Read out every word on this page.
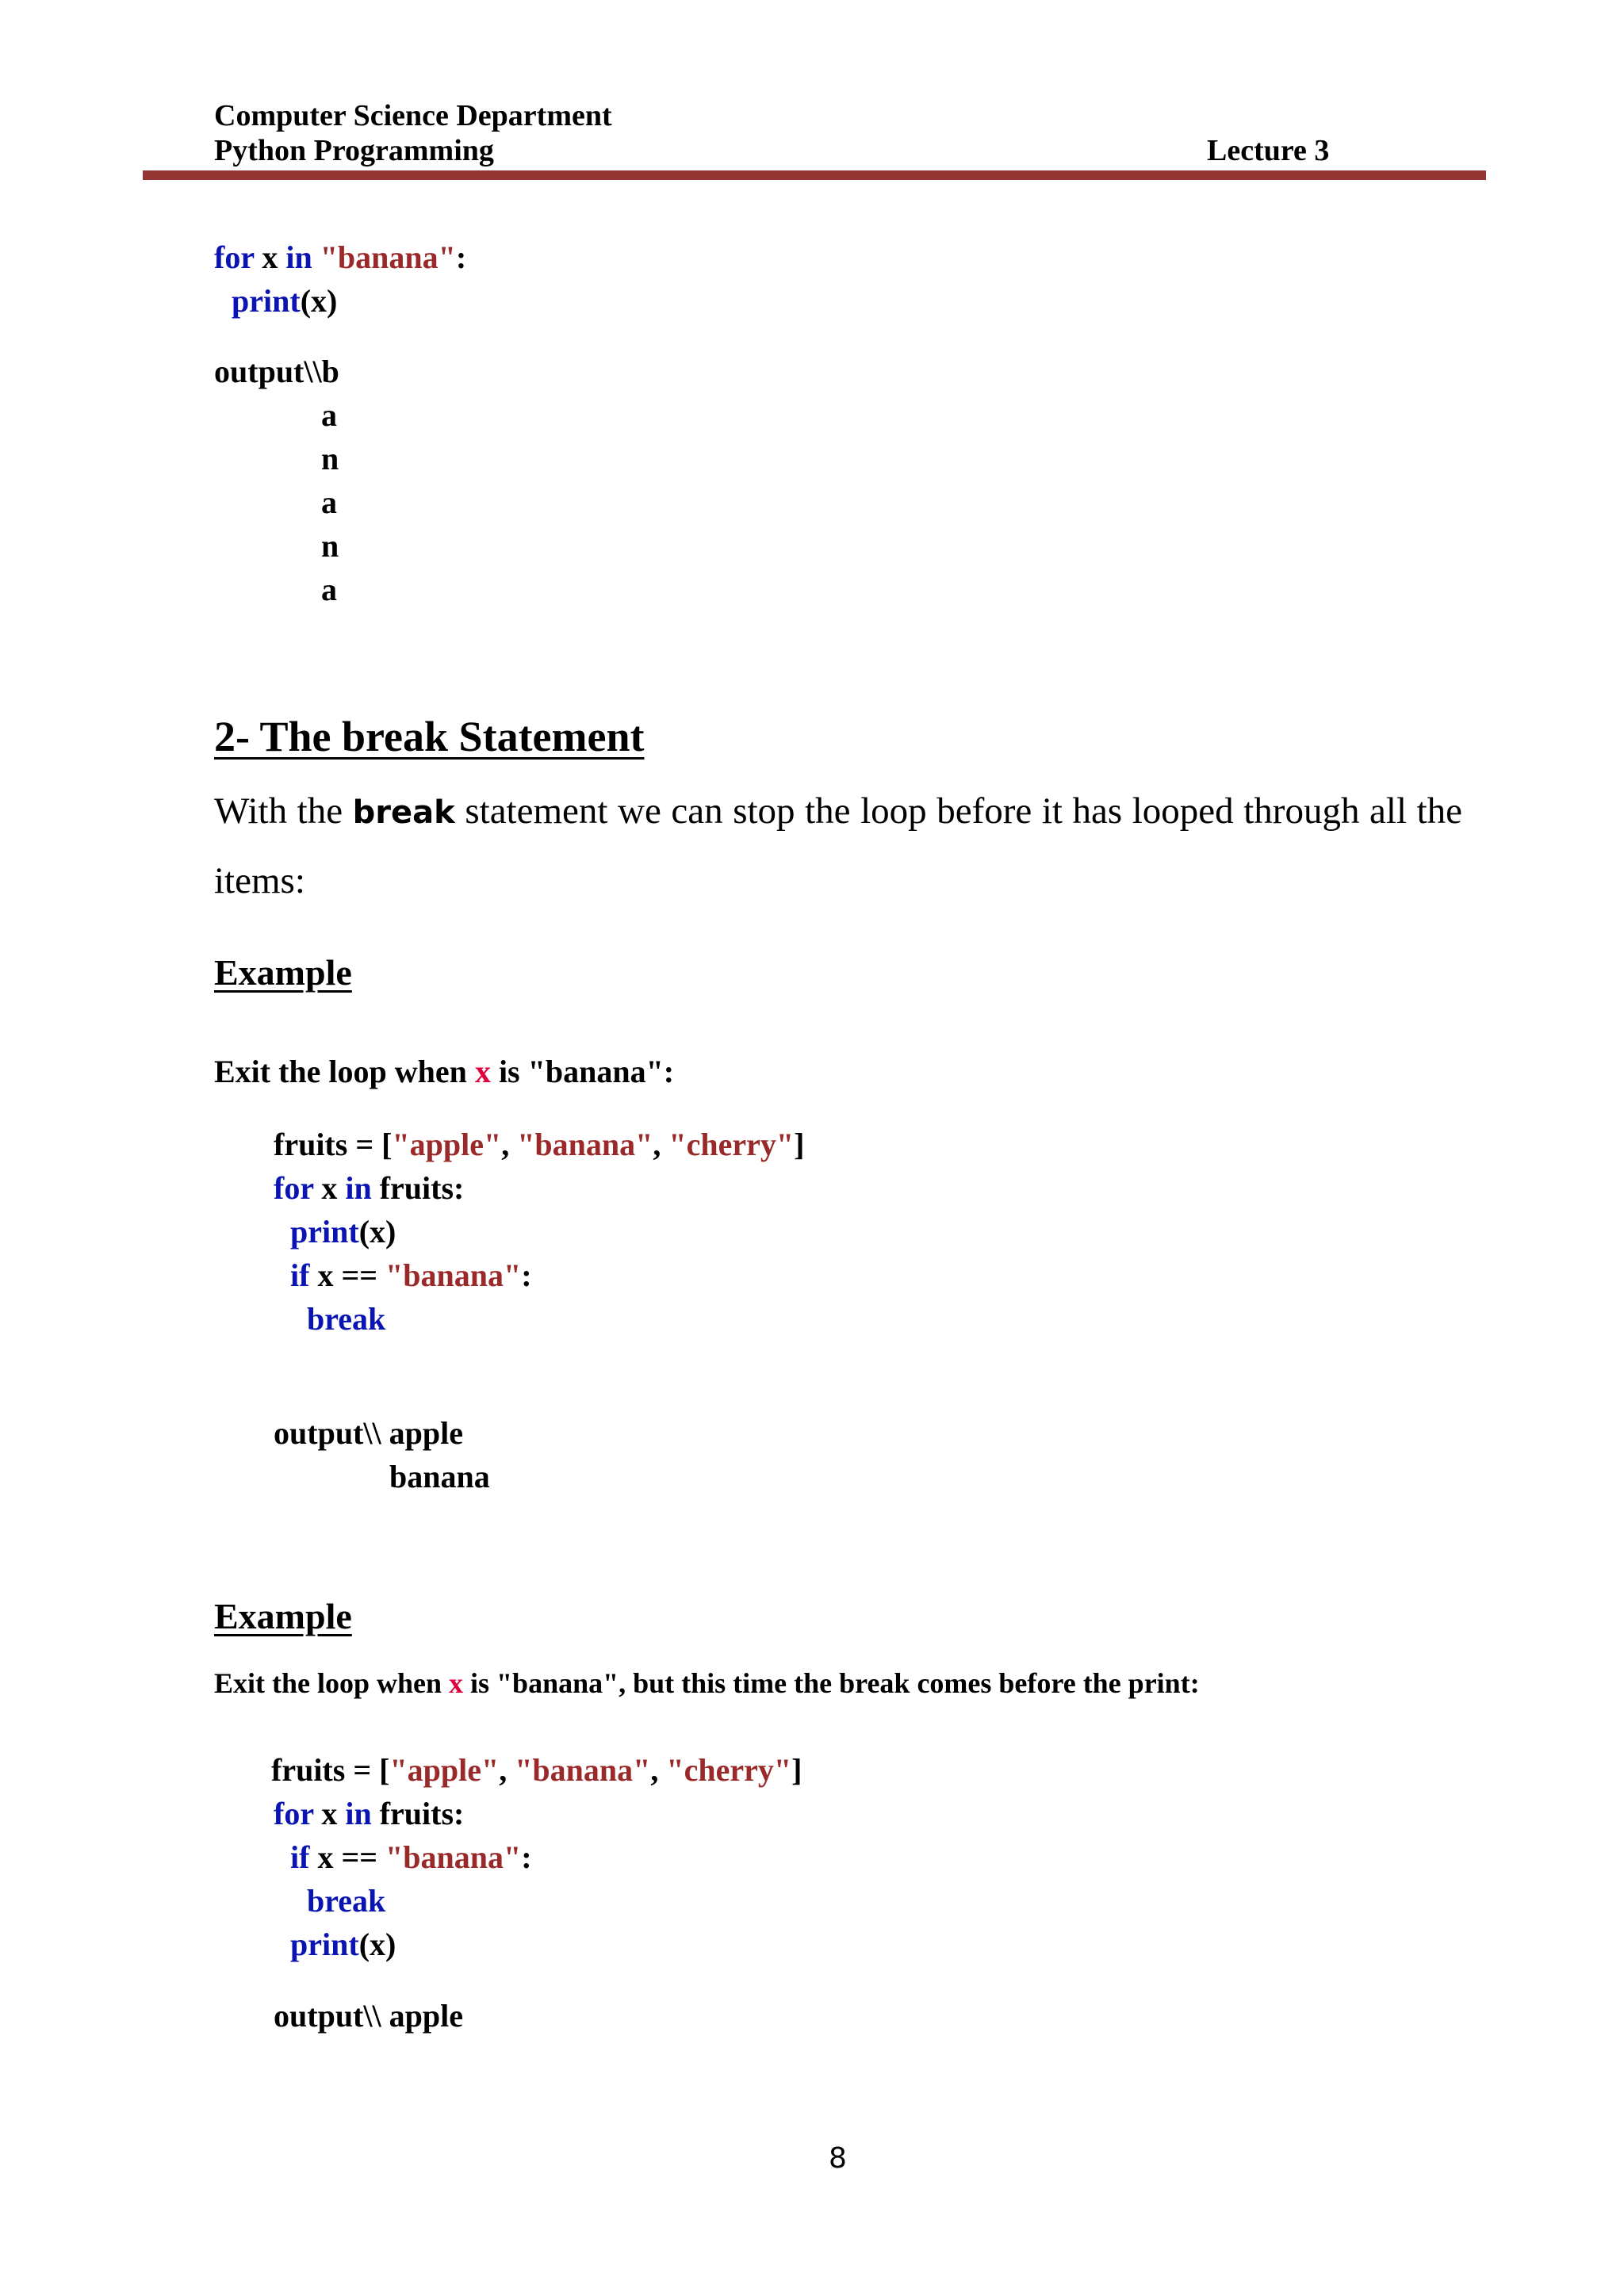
Computer Science Department
Python Programming	Lecture 3
for x in "banana":
print(x)
output\\b
a
n
a
n
a
2- The break Statement

With the break statement we can stop the loop before it has looped through all the items:

Example
Exit the loop when x is "banana":
fruits = ["apple", "banana", "cherry"]
for x in fruits:
print(x)
if x == "banana":
break
output\\ apple
banana
Example
Exit the loop when x is "banana", but this time the break comes before the print:
fruits = ["apple", "banana", "cherry"]
for x in fruits:
if x == "banana":
break
print(x)
output\\ apple
8
